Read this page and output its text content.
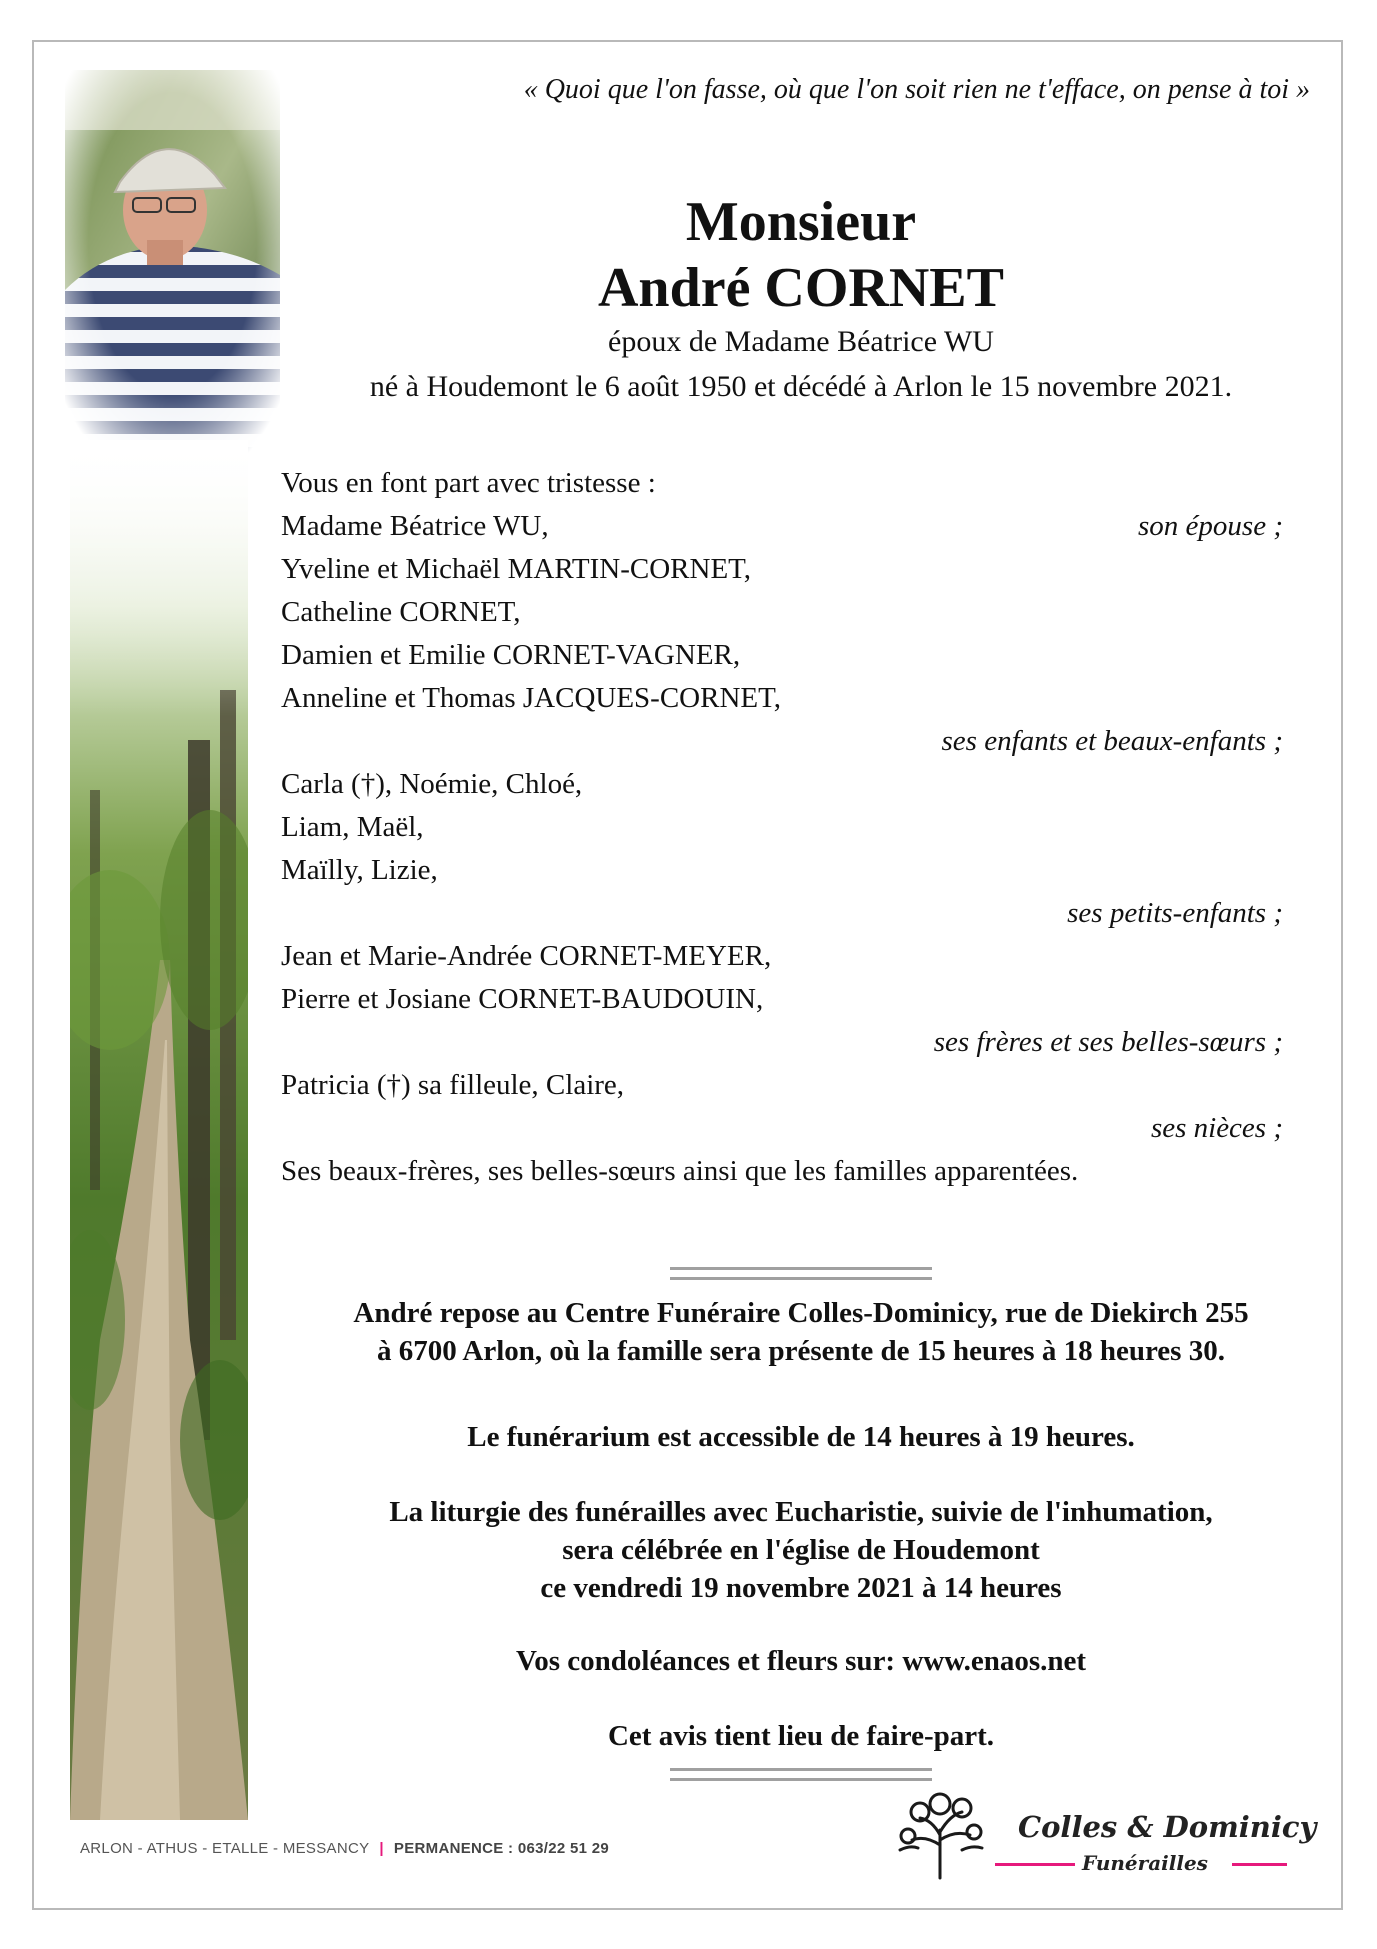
« Quoi que l'on fasse, où que l'on soit rien ne t'efface, on pense à toi »
Monsieur
André CORNET
époux de Madame Béatrice WU
né à Houdemont le 6 août 1950 et décédé à Arlon le 15 novembre 2021.
Vous en font part avec tristesse :
Madame Béatrice WU,	son épouse ;
Yveline et Michaël MARTIN-CORNET,
Catheline CORNET,
Damien et Emilie CORNET-VAGNER,
Anneline et Thomas JACQUES-CORNET,
ses enfants et beaux-enfants ;
Carla (†), Noémie, Chloé,
Liam, Maël,
Maïlly, Lizie,
ses petits-enfants ;
Jean et Marie-Andrée CORNET-MEYER,
Pierre et Josiane CORNET-BAUDOUIN,
ses frères et ses belles-sœurs ;
Patricia (†) sa filleule, Claire,
ses nièces ;
Ses beaux-frères, ses belles-sœurs ainsi que les familles apparentées.

André repose au Centre Funéraire Colles-Dominicy, rue de Diekirch 255

à 6700 Arlon, où la famille sera présente de 15 heures à 18 heures 30.

Le funérarium est accessible de 14 heures à 19 heures.

La liturgie des funérailles avec Eucharistie, suivie de l'inhumation,

sera célébrée en l'église de Houdemont

ce vendredi 19 novembre 2021 à 14 heures

Vos condoléances et fleurs sur: www.enaos.net

Cet avis tient lieu de faire-part.

ARLON - ATHUS - ETALLE - MESSANCY | PERMANENCE : 063/22 51 29
Colles & Dominicy
Funérailles
